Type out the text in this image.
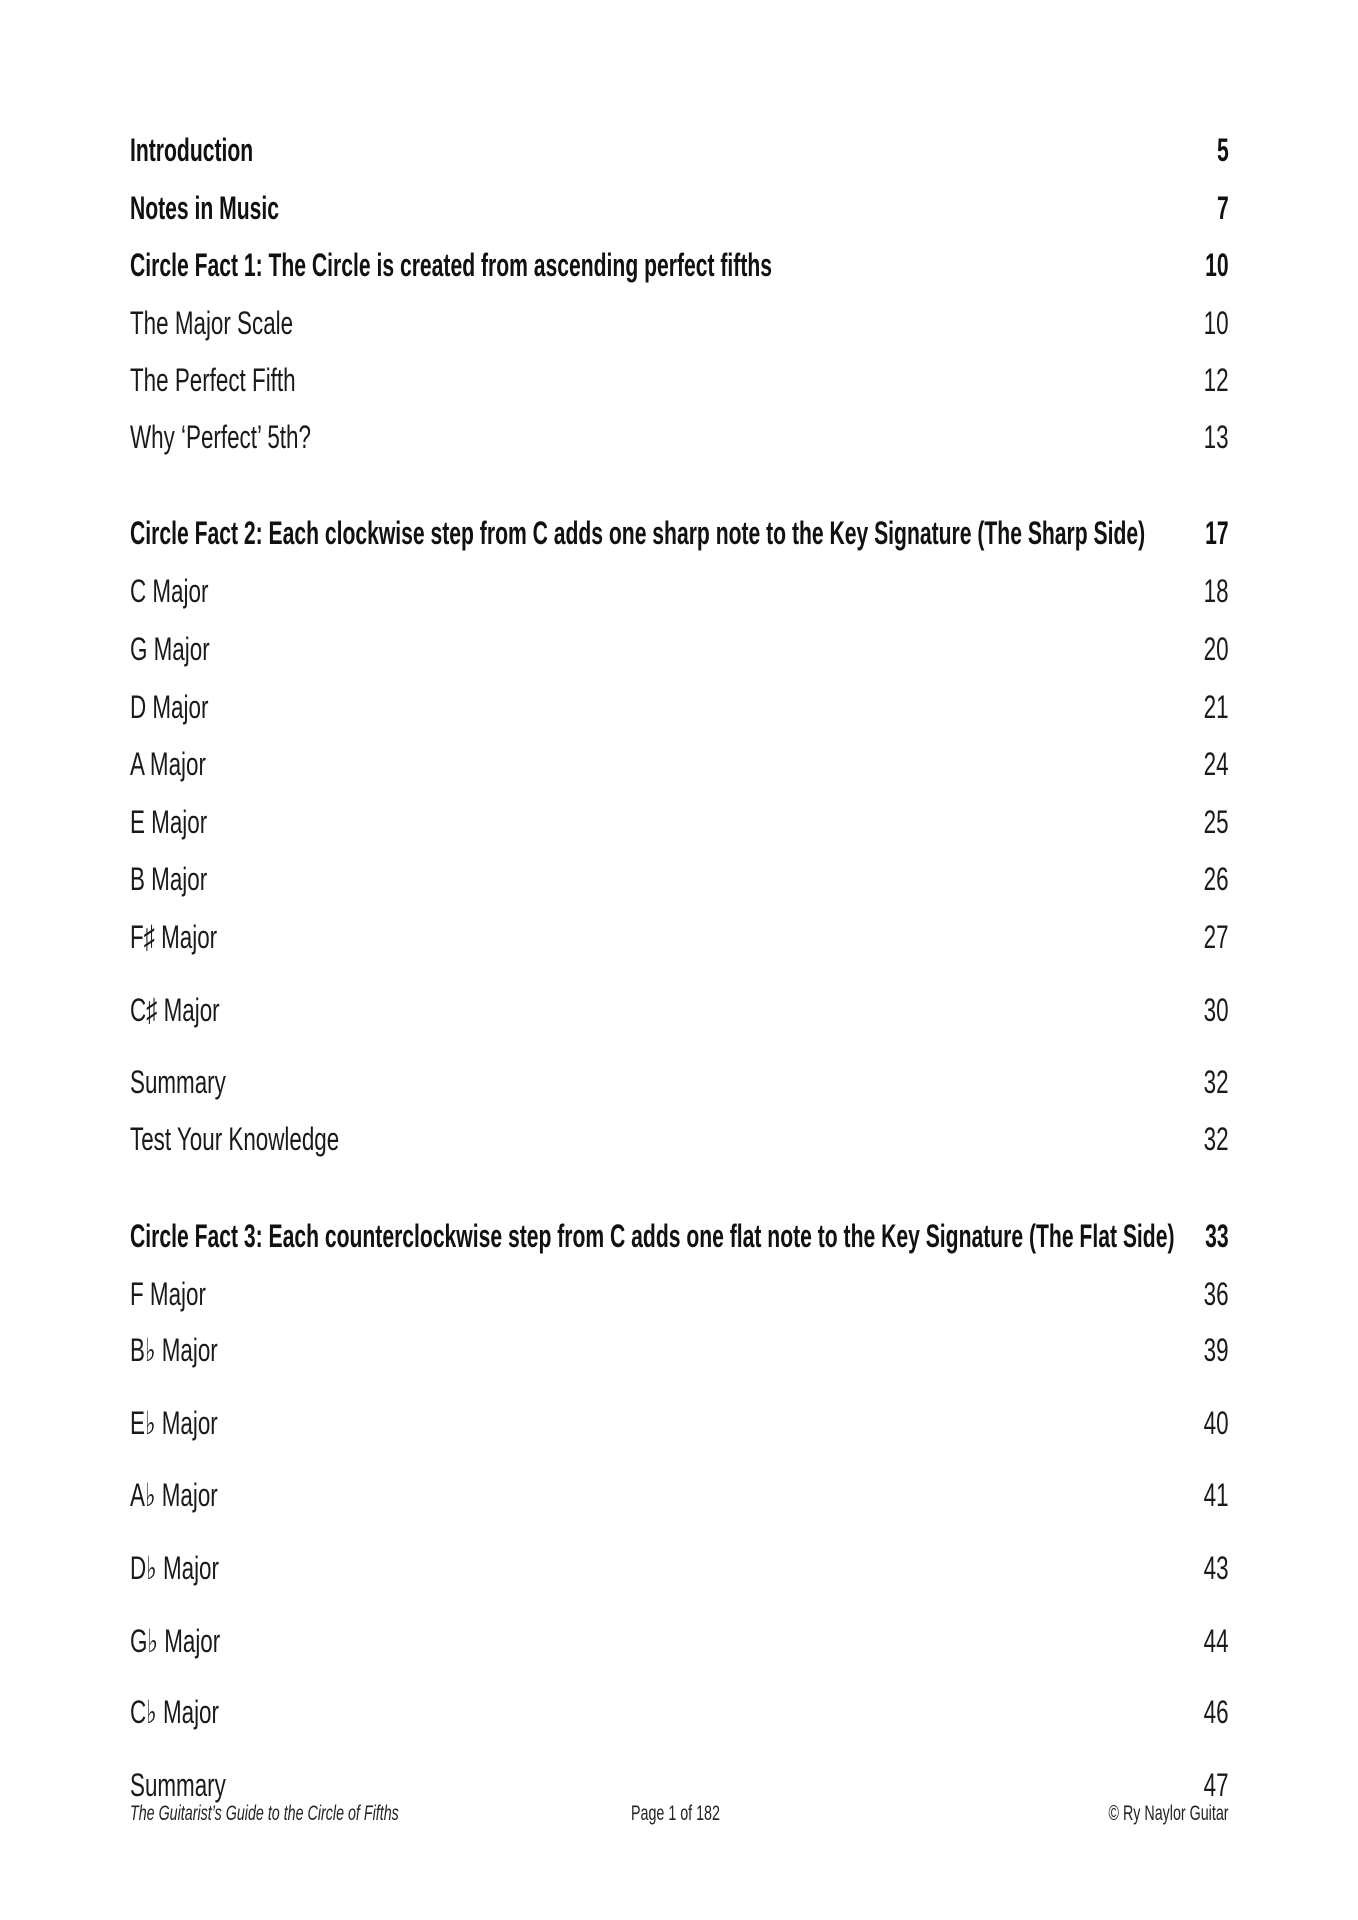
Introduction	5
Notes in Music	7
Circle Fact 1: The Circle is created from ascending perfect fifths	10
The Major Scale	10
The Perfect Fifth	12
Why ‘Perfect’ 5th?	13
Circle Fact 2: Each clockwise step from C adds one sharp note to the Key Signature (The Sharp Side)	17
C Major	18
G Major	20
D Major	21
A Major	24
E Major	25
B Major	26
F♯ Major	27
C♯ Major	30
Summary	32
Test Your Knowledge	32
Circle Fact 3: Each counterclockwise step from C adds one flat note to the Key Signature (The Flat Side) 33
F Major	36
B♭ Major	39
E♭ Major	40
A♭ Major	41
D♭ Major	43
G♭ Major	44
C♭ Major	46
Summary	47
The Guitarist’s Guide to the Circle of Fifths	Page 1 of 182	© Ry Naylor Guitar
